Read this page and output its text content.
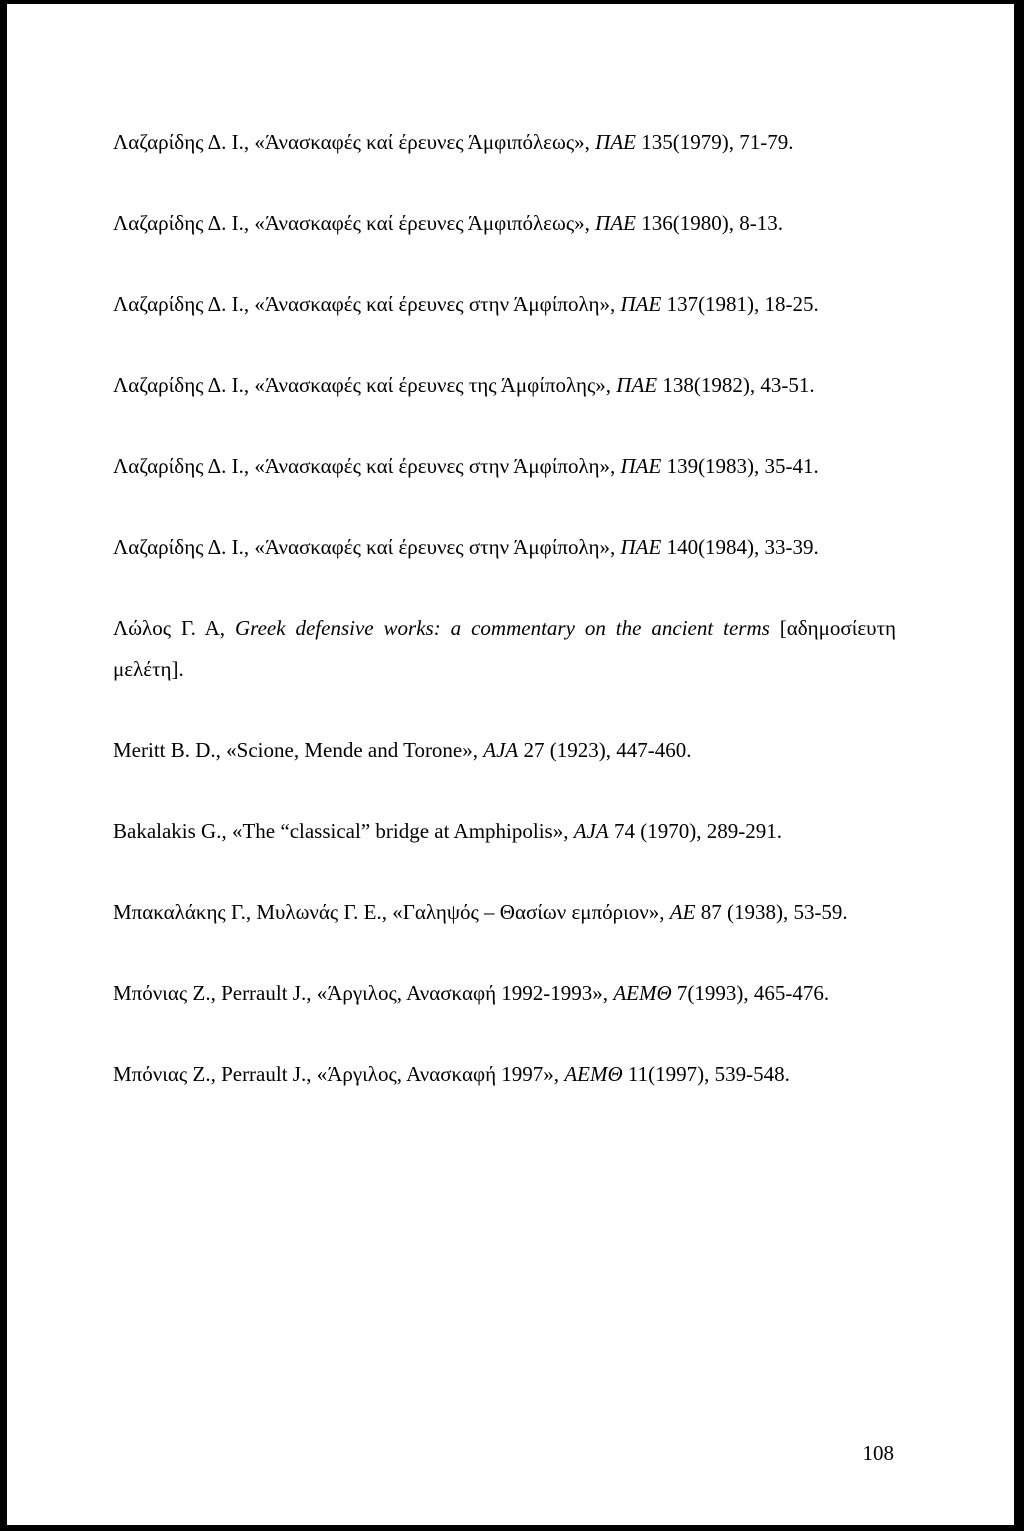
Λαζαρίδης Δ. Ι., «Άνασκαφές καί έρευνες Άμφιπόλεως», ΠΑΕ 135(1979), 71-79.

Λαζαρίδης Δ. Ι., «Άνασκαφές καί έρευνες Άμφιπόλεως», ΠΑΕ 136(1980), 8-13.

Λαζαρίδης Δ. Ι., «Άνασκαφές καί έρευνες στην Άμφίπολη», ΠΑΕ 137(1981), 18-25.

Λαζαρίδης Δ. Ι., «Άνασκαφές καί έρευνες της Άμφίπολης», ΠΑΕ 138(1982), 43-51.

Λαζαρίδης Δ. Ι., «Άνασκαφές καί έρευνες στην Άμφίπολη», ΠΑΕ 139(1983), 35-41.

Λαζαρίδης Δ. Ι., «Άνασκαφές καί έρευνες στην Άμφίπολη», ΠΑΕ 140(1984), 33-39.

Λώλος Γ. Α, Greek defensive works: a commentary on the ancient terms [αδημοσίευτη μελέτη].

Meritt B. D., «Scione, Mende and Torone», AJA 27 (1923), 447-460.

Bakalakis G., «The “classical” bridge at Amphipolis», AJA 74 (1970), 289-291.

Μπακαλάκης Γ., Μυλωνάς Γ. Ε., «Γαληψός – Θασίων εμπόριον», ΑΕ 87 (1938), 53-59.

Μπόνιας Ζ., Perrault J., «Άργιλος, Ανασκαφή 1992-1993», ΑΕΜΘ 7(1993), 465-476.

Μπόνιας Ζ., Perrault J., «Άργιλος, Ανασκαφή 1997», ΑΕΜΘ 11(1997), 539-548.

108
